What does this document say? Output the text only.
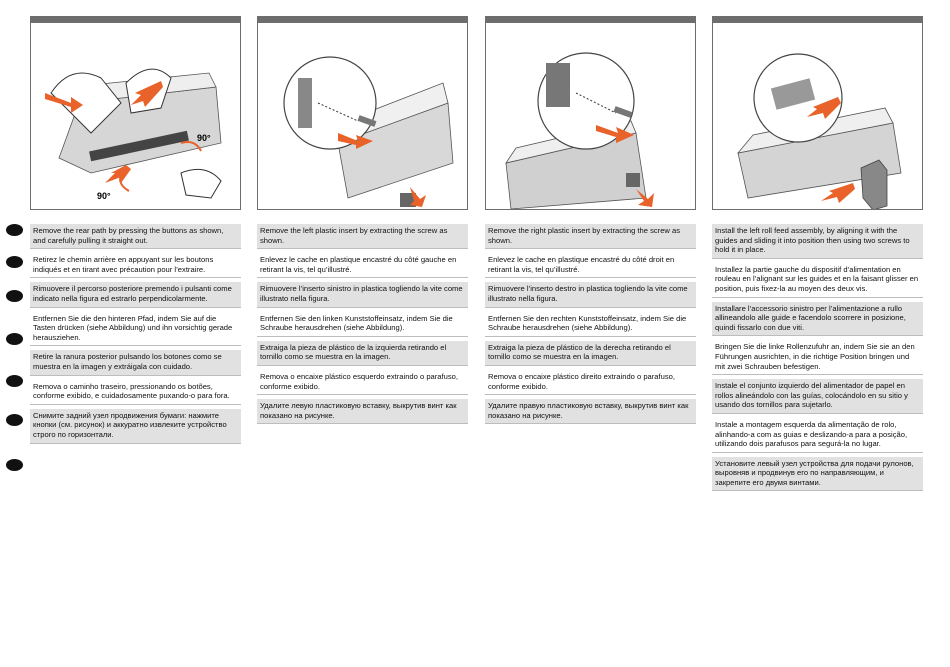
90°
90°
Remove the rear path by pressing the buttons as shown, and carefully pulling it straight out.
Retirez le chemin arrière en appuyant sur les boutons indiqués et en tirant avec précaution pour l’extraire.
Rimuovere il percorso posteriore premendo i pulsanti come indicato nella figura ed estrarlo perpendicolarmente.
Entfernen Sie die den hinteren Pfad, indem Sie auf die Tasten drücken (siehe Abbildung) und ihn vorsichtig gerade herausziehen.
Retire la ranura posterior pulsando los botones como se muestra en la imagen y extráigala con cuidado.
Remova o caminho traseiro, pressionando os botões, conforme exibido, e cuidadosamente puxando-o para fora.
Снимите задний узел продвижения бумаги: нажмите кнопки (см. рисунок) и аккуратно извлеките устройство строго по горизонтали.
Remove the left plastic insert by extracting the screw as shown.
Enlevez le cache en plastique encastré du côté gauche en retirant la vis, tel qu’illustré.
Rimuovere l’inserto sinistro in plastica togliendo la vite come illustrato nella figura.
Entfernen Sie den linken Kunststoffeinsatz, indem Sie die Schraube herausdrehen (siehe Abbildung).
Extraiga la pieza de plástico de la izquierda retirando el tornillo como se muestra en la imagen.
Remova o encaixe plástico esquerdo extraindo o parafuso, conforme exibido.
Удалите левую пластиковую вставку, выкрутив винт как показано на рисунке.
Remove the right plastic insert by extracting the screw as shown.
Enlevez le cache en plastique encastré du côté droit en retirant la vis, tel qu’illustré.
Rimuovere l’inserto destro in plastica togliendo la vite come illustrato nella figura.
Entfernen Sie den rechten Kunststoffeinsatz, indem Sie die Schraube herausdrehen (siehe Abbildung).
Extraiga la pieza de plástico de la derecha retirando el tornillo como se muestra en la imagen.
Remova o encaixe plástico direito extraindo o parafuso, conforme exibido.
Удалите правую пластиковую вставку, выкрутив винт как показано на рисунке.
Install the left roll feed assembly, by aligning it with the guides and sliding it into position then using two screws to hold it in place.
Installez la partie gauche du dispositif d’alimentation en rouleau en l’alignant sur les guides et en la faisant glisser en position, puis fixez-la au moyen des deux vis.
Installare l’accessorio sinistro per l’alimentazione a rullo allineandolo alle guide e facendolo scorrere in posizione, quindi fissarlo con due viti.
Bringen Sie die linke Rollenzufuhr an, indem Sie sie an den Führungen ausrichten, in die richtige Position bringen und mit zwei Schrauben befestigen.
Instale el conjunto izquierdo del alimentador de papel en rollos alineándolo con las guías, colocándolo en su sitio y usando dos tornillos para sujetarlo.
Instale a montagem esquerda da alimentação de rolo, alinhando-a com as guias e deslizando-a para a posição, utilizando dois parafusos para segurá-la no lugar.
Установите левый узел устройства для подачи рулонов, выровняв и продвинув его по направляющим, и закрепите его двумя винтами.
